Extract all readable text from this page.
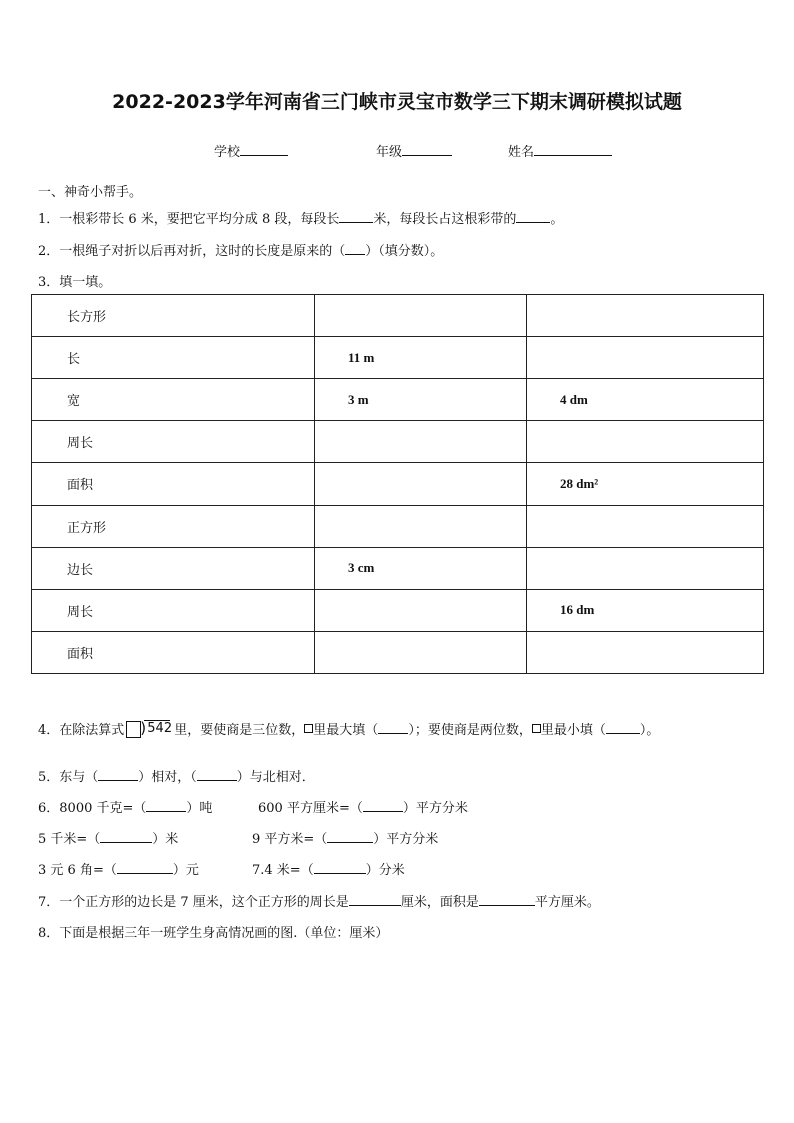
2022-2023学年河南省三门峡市灵宝市数学三下期末调研模拟试题
学校	年级	姓名
一、神奇小帮手。
1．一根彩带长 6 米，要把它平均分成 8 段，每段长	米，每段长占这根彩带的	。
2．一根绳子对折以后再对折，这时的长度是原来的（ ）（填分数）。
3．填一填。
长方形		
长	11 m	
宽	3 m	4 dm
周长		
面积		28 dm²
正方形		
边长	3 cm	
周长		16 dm
面积		
4．在除法算式 ) 542 里，要使商是三位数， 里最大填（ ）；要使商是两位数， 里最小填（	）。
5．东与（	）相对，（	）与北相对．
6．8000 千克=（	）吨	600 平方厘米=（	）平方分米
5 千米=（	）米	9 平方米=（	）平方分米
3 元 6 角=（	）元	7.4 米=（	）分米
7．一个正方形的边长是 7 厘米，这个正方形的周长是	厘米，面积是	平方厘米。
8．下面是根据三年一班学生身高情况画的图.（单位：厘米）
